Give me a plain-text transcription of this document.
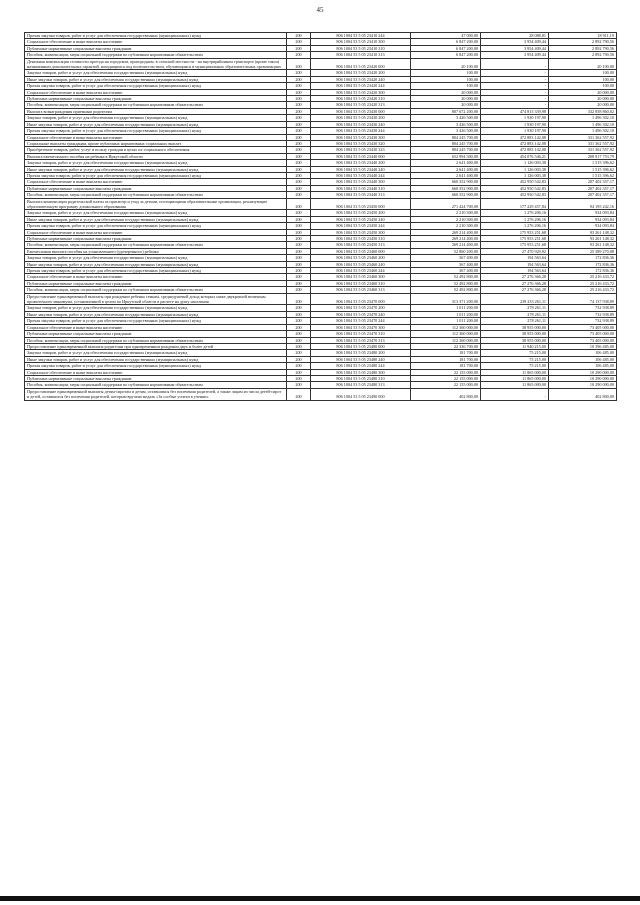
45
Прочая закупка товаров, работ и услуг для обеспечения государственных (муниципальных) нужд	200	806 1004 53 5 05 23410 244	47 000,00	28 088,81	18 911,19
Социальное обеспечение и иные выплаты населению	200	806 1004 53 5 05 23410 300	6 847 200,00	3 954 409,44	2 892 790,56
Публичные нормативные социальные выплаты гражданам	200	806 1004 53 5 05 23410 310	6 847 200,00	3 954 409,44	2 892 790,56
Пособия, компенсации, меры социальной поддержки по публичным нормативным обязательствам	200	806 1004 53 5 05 23410 313	6 847 200,00	3 954 409,44	2 892 790,56
Денежная компенсация стоимости проезда на городском, пригородном, в сельской местности - на внутрирайонном транспорте (кроме такси) назначенным дополнительных гарантий, находящимся под попечительством, обучающимся в муниципальных образовательных организациях	200	806 1004 53 5 05 23420 000	20 100,00	-	20 100,00
Закупка товаров, работ и услуг для обеспечения государственных (муниципальных) нужд	200	806 1004 53 5 05 23420 200	100,00	-	100,00
Иные закупки товаров, работ и услуг для обеспечения государственных (муниципальных) нужд	200	806 1004 53 5 05 23420 240	100,00	-	100,00
Прочая закупка товаров, работ и услуг для обеспечения государственных (муниципальных) нужд	200	806 1004 53 5 05 23420 244	100,00	-	100,00
Социальное обеспечение и иные выплаты населению	200	806 1004 53 5 05 23420 300	20 000,00	-	20 000,00
Публичные нормативные социальные выплаты гражданам	200	806 1004 53 5 05 23420 310	20 000,00	-	20 000,00
Пособия, компенсации, меры социальной поддержки по публичным нормативным обязательствам	200	806 1004 53 5 05 23420 313	20 000,00	-	20 000,00
Выплата вознаграждения приемным родителям	200	806 1004 53 5 05 23430 000	807 672 200,00	474 813 339,98	332 858 860,02
Закупка товаров, работ и услуг для обеспечения государственных (муниципальных) нужд	200	806 1004 53 5 05 23430 200	3 426 500,00	1 930 197,90	1 496 302,10
Иные закупки товаров, работ и услуг для обеспечения государственных (муниципальных) нужд	200	806 1004 53 5 05 23430 240	3 426 500,00	1 930 197,90	1 496 302,10
Прочая закупка товаров, работ и услуг для обеспечения государственных (муниципальных) нужд	200	806 1004 53 5 05 23430 244	3 426 500,00	1 930 197,90	1 496 302,10
Социальное обеспечение и иные выплаты населению	200	806 1004 53 5 05 23430 300	804 245 700,00	472 883 142,08	331 362 557,92
Социальные выплаты гражданам, кроме публичных нормативных социальных выплат	200	806 1004 53 5 05 23430 320	804 245 700,00	472 883 142,08	331 362 557,92
Приобретение товаров, работ, услуг в пользу граждан в целях их социального обеспечения	200	806 1004 53 5 05 23430 323	804 245 700,00	472 883 142,08	331 362 557,92
Выплата ежемесячного пособия на ребенка в Иркутской области	200	806 1004 53 5 05 23440 000	652 994 300,00	454 076 546,21	208 917 753,79
Закупка товаров, работ и услуг для обеспечения государственных (муниципальных) нужд	200	806 1004 53 5 05 23440 200	2 641 400,00	1 126 003,38	1 515 396,62
Иные закупки товаров, работ и услуг для обеспечения государственных (муниципальных) нужд	200	806 1004 53 5 05 23440 240	2 641 400,00	1 126 003,38	1 515 396,62
Прочая закупка товаров, работ и услуг для обеспечения государственных (муниципальных) нужд	200	806 1004 53 5 05 23440 244	2 641 400,00	1 126 003,38	1 515 396,62
Социальное обеспечение и иные выплаты населению	200	806 1004 53 5 05 23440 300	660 352 900,00	452 950 542,83	207 402 357,17
Публичные нормативные социальные выплаты гражданам	200	806 1004 53 5 05 23440 310	660 352 900,00	452 950 542,83	207 402 357,17
Пособия, компенсации, меры социальной поддержки по публичным нормативным обязательствам	200	806 1004 53 5 05 23440 313	660 352 900,00	452 950 542,83	207 402 357,17
Выплата компенсации родительской платы за присмотр и уход за детьми, посещающими образовательные организации, реализующие образовательную программу дошкольного образования	200	806 1004 53 5 05 23450 000	271 424 700,00	177 229 457,84	94 195 242,16
Закупка товаров, работ и услуг для обеспечения государственных (муниципальных) нужд	200	806 1004 53 5 05 23450 200	2 210 300,00	1 276 206,16	934 093,84
Иные закупки товаров, работ и услуг для обеспечения государственных (муниципальных) нужд	200	806 1004 53 5 05 23450 240	2 210 300,00	1 276 206,16	934 093,84
Прочая закупка товаров, работ и услуг для обеспечения государственных (муниципальных) нужд	200	806 1004 53 5 05 23450 244	2 210 300,00	1 276 206,16	934 093,84
Социальное обеспечение и иные выплаты населению	200	806 1004 53 5 05 23450 300	269 214 400,00	175 953 251,68	93 261 148,32
Публичные нормативные социальные выплаты гражданам	200	806 1004 53 5 05 23450 310	269 214 400,00	175 953 251,68	93 261 148,32
Пособия, компенсации, меры социальной поддержки по публичным нормативным обязательствам	200	806 1004 53 5 05 23450 313	269 214 400,00	175 953 251,68	93 261 148,32
Ежемесячная выплата пособия на усыновленного (удочеренного) ребенка	200	806 1004 53 5 05 23460 000	52 860 200,00	27 470 929,92	25 389 270,08
Закупка товаров, работ и услуг для обеспечения государственных (муниципальных) нужд	200	806 1004 53 5 05 23460 200	367 400,00	194 563,64	172 836,36
Иные закупки товаров, работ и услуг для обеспечения государственных (муниципальных) нужд	200	806 1004 53 5 05 23460 240	367 400,00	194 563,64	172 836,36
Прочая закупка товаров, работ и услуг для обеспечения государственных (муниципальных) нужд	200	806 1004 53 5 05 23460 244	367 400,00	194 563,64	172 836,36
Социальное обеспечение и иные выплаты населению	200	806 1004 53 5 05 23460 300	52 492 800,00	27 276 366,28	25 216 433,72
Публичные нормативные социальные выплаты гражданам	200	806 1004 53 5 05 23460 310	52 492 800,00	27 276 366,28	25 216 433,72
Пособия, компенсации, меры социальной поддержки по публичным нормативным обязательствам	200	806 1004 53 5 05 23460 313	52 492 800,00	27 276 366,28	25 216 433,72
Предоставление единовременной выплаты при рождении ребенка семьям, среднедушевой доход которых ниже двукратной величины прожиточного минимума, установленной в целом по Иркутской области в расчете на душу населения	200	806 1004 53 5 05 23470 000	313 371 200,00	239 233 261,11	74 137 938,89
Закупка товаров, работ и услуг для обеспечения государственных (муниципальных) нужд	200	806 1004 53 5 05 23470 200	1 011 200,00	278 261,11	732 938,89
Иные закупки товаров, работ и услуг для обеспечения государственных (муниципальных) нужд	200	806 1004 53 5 05 23470 240	1 011 200,00	278 261,11	732 938,89
Прочая закупка товаров, работ и услуг для обеспечения государственных (муниципальных) нужд	200	806 1004 53 5 05 23470 244	1 011 200,00	278 261,11	732 938,89
Социальное обеспечение и иные выплаты населению	200	806 1004 53 5 05 23470 300	112 360 000,00	38 955 000,00	73 405 000,00
Публичные нормативные социальные выплаты гражданам	200	806 1004 53 5 05 23470 310	112 360 000,00	38 955 000,00	73 405 000,00
Пособия, компенсации, меры социальной поддержки по публичным нормативным обязательствам	200	806 1004 53 5 05 23470 313	112 360 000,00	38 955 000,00	73 405 000,00
Предоставление единовременной выплаты родителям при одновременном рождении двух и более детей	200	806 1004 53 5 05 23480 000	22 336 700,00	11 940 215,00	10 396 485,00
Закупка товаров, работ и услуг для обеспечения государственных (муниципальных) нужд	200	806 1004 53 5 05 23480 200	181 700,00	75 215,00	106 485,00
Иные закупки товаров, работ и услуг для обеспечения государственных (муниципальных) нужд	200	806 1004 53 5 05 23480 240	181 700,00	75 215,00	106 485,00
Прочая закупка товаров, работ и услуг для обеспечения государственных (муниципальных) нужд	200	806 1004 53 5 05 23480 244	181 700,00	75 215,00	106 485,00
Социальное обеспечение и иные выплаты населению	200	806 1004 53 5 05 23480 300	22 155 000,00	11 865 000,00	10 290 000,00
Публичные нормативные социальные выплаты гражданам	200	806 1004 53 5 05 23480 310	22 155 000,00	11 865 000,00	10 290 000,00
Пособия, компенсации, меры социальной поддержки по публичным нормативным обязательствам	200	806 1004 53 5 05 23480 313	22 155 000,00	11 865 000,00	10 290 000,00
Предоставление единовременной выплаты детям-сиротам и детям, оставшимся без попечения родителей, а также лицам из числа детей-сирот и детей, оставшихся без попечения родителей, которым вручена медаль «За особые успехи в учении»	200	806 1004 53 5 05 23490 000	402 800,00	-	402 800,00
